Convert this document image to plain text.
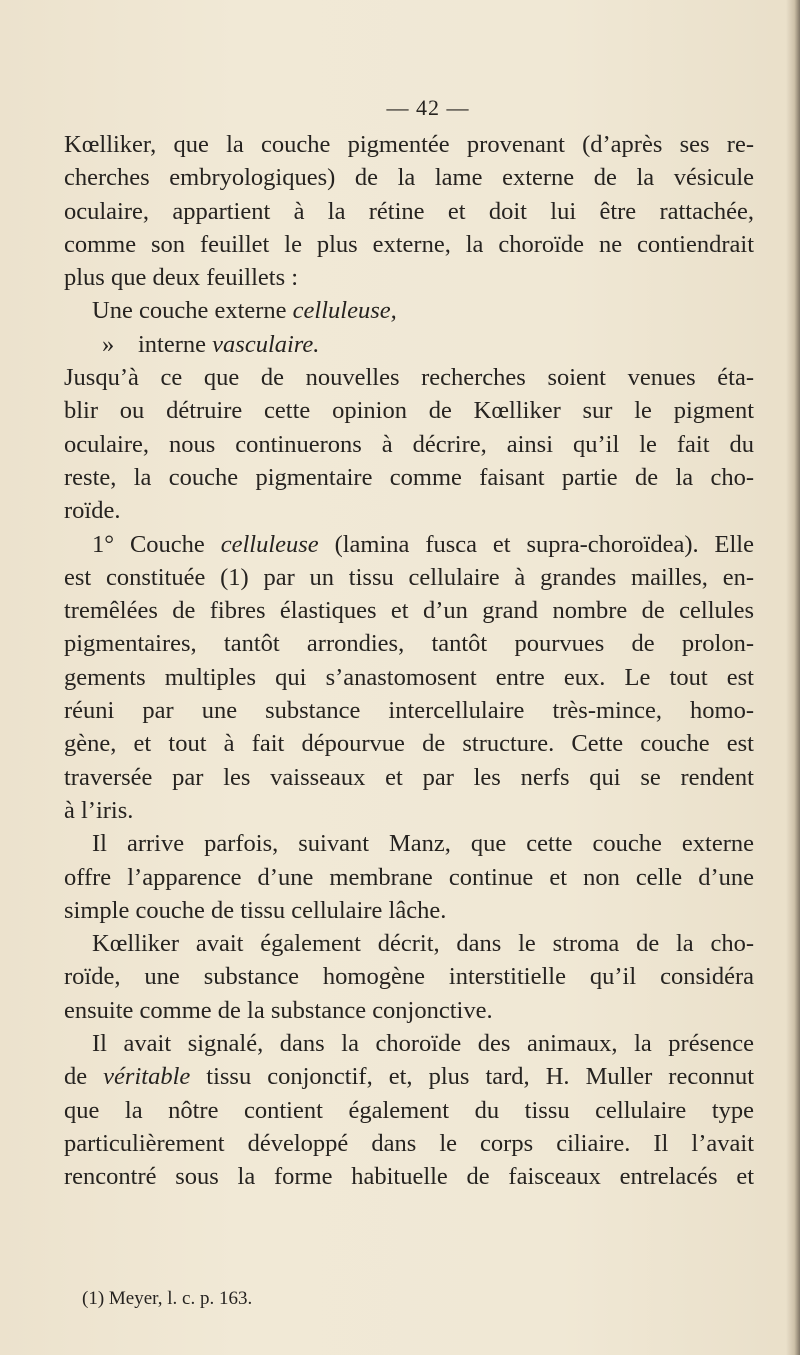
— 42 —
Kœlliker, que la couche pigmentée provenant (d’après ses re-
cherches embryologiques) de la lame externe de la vésicule
oculaire, appartient à la rétine et doit lui être rattachée,
comme son feuillet le plus externe, la choroïde ne contiendrait
plus que deux feuillets :
Une couche externe celluleuse,
» interne vasculaire.
Jusqu’à ce que de nouvelles recherches soient venues éta-
blir ou détruire cette opinion de Kœlliker sur le pigment
oculaire, nous continuerons à décrire, ainsi qu’il le fait du
reste, la couche pigmentaire comme faisant partie de la cho-
roïde.
1° Couche celluleuse (lamina fusca et supra-choroïdea). Elle
est constituée (1) par un tissu cellulaire à grandes mailles, en-
tremêlées de fibres élastiques et d’un grand nombre de cellules
pigmentaires, tantôt arrondies, tantôt pourvues de prolon-
gements multiples qui s’anastomosent entre eux. Le tout est
réuni par une substance intercellulaire très-mince, homo-
gène, et tout à fait dépourvue de structure. Cette couche est
traversée par les vaisseaux et par les nerfs qui se rendent
à l’iris.
Il arrive parfois, suivant Manz, que cette couche externe
offre l’apparence d’une membrane continue et non celle d’une
simple couche de tissu cellulaire lâche.
Kœlliker avait également décrit, dans le stroma de la cho-
roïde, une substance homogène interstitielle qu’il considéra
ensuite comme de la substance conjonctive.
Il avait signalé, dans la choroïde des animaux, la présence
de véritable tissu conjonctif, et, plus tard, H. Muller reconnut
que la nôtre contient également du tissu cellulaire type
particulièrement développé dans le corps ciliaire. Il l’avait
rencontré sous la forme habituelle de faisceaux entrelacés et
(1) Meyer, l. c. p. 163.
